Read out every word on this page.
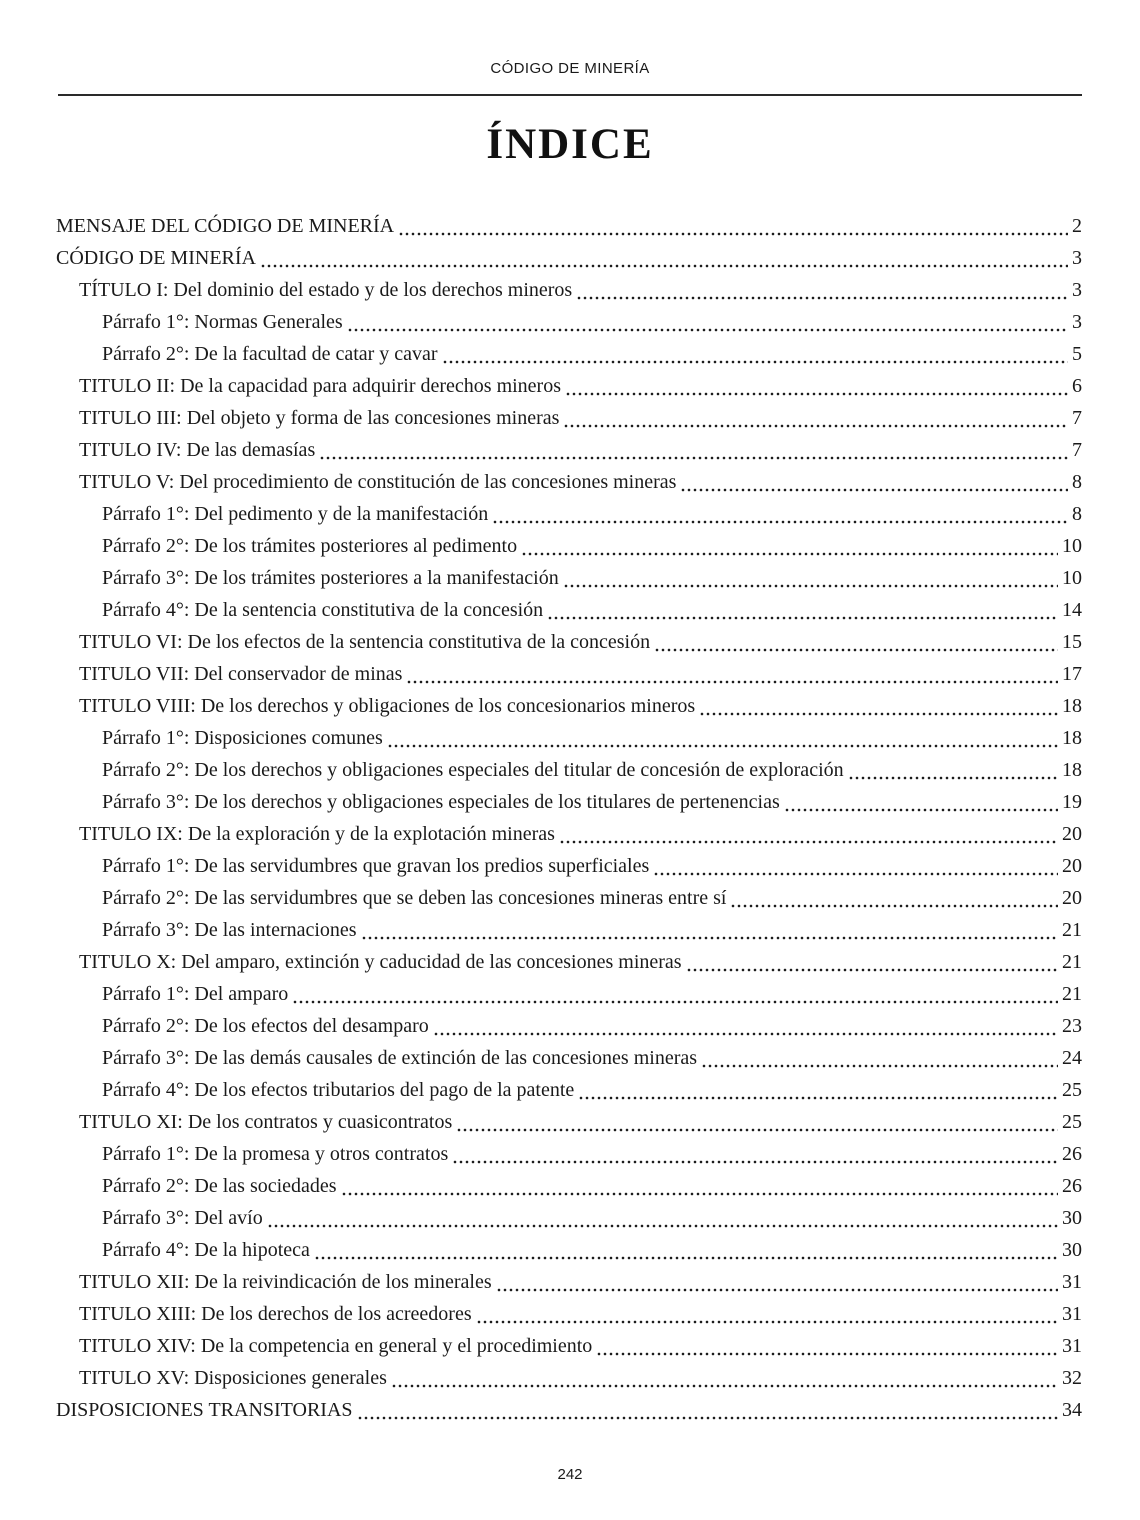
CÓDIGO DE MINERÍA
ÍNDICE
MENSAJE DEL CÓDIGO DE MINERÍA	2
CÓDIGO DE MINERÍA	3
TÍTULO I: Del dominio del estado y de los derechos mineros	3
Párrafo 1°: Normas Generales	3
Párrafo 2°: De la facultad de catar y cavar	5
TITULO II: De la capacidad para adquirir derechos mineros	6
TITULO III: Del objeto y forma de las concesiones mineras	7
TITULO IV: De las demasías	7
TITULO V: Del procedimiento de constitución de las concesiones mineras	8
Párrafo 1°: Del pedimento y de la manifestación	8
Párrafo 2°: De los trámites posteriores al pedimento	10
Párrafo 3°: De los trámites posteriores a la manifestación	10
Párrafo 4°: De la sentencia constitutiva de la concesión	14
TITULO VI: De los efectos de la sentencia constitutiva de la concesión	15
TITULO VII: Del conservador de minas	17
TITULO VIII: De los derechos y obligaciones de los concesionarios mineros	18
Párrafo 1°: Disposiciones comunes	18
Párrafo 2°: De los derechos y obligaciones especiales del titular de concesión de exploración	18
Párrafo 3°: De los derechos y obligaciones especiales de los titulares de pertenencias	19
TITULO IX: De la exploración y de la explotación mineras	20
Párrafo 1°: De las servidumbres que gravan los predios superficiales	20
Párrafo 2°: De las servidumbres que se deben las concesiones mineras entre sí	20
Párrafo 3°: De las internaciones	21
TITULO X: Del amparo, extinción y caducidad de las concesiones mineras	21
Párrafo 1°: Del amparo	21
Párrafo 2°: De los efectos del desamparo	23
Párrafo 3°: De las demás causales de extinción de las concesiones mineras	24
Párrafo 4°: De los efectos tributarios del pago de la patente	25
TITULO XI: De los contratos y cuasicontratos	25
Párrafo 1°: De la promesa y otros contratos	26
Párrafo 2°: De las sociedades	26
Párrafo 3°: Del avío	30
Párrafo 4°: De la hipoteca	30
TITULO XII: De la reivindicación de los minerales	31
TITULO XIII: De los derechos de los acreedores	31
TITULO XIV: De la competencia en general y el procedimiento	31
TITULO XV: Disposiciones generales	32
DISPOSICIONES TRANSITORIAS	34
242
